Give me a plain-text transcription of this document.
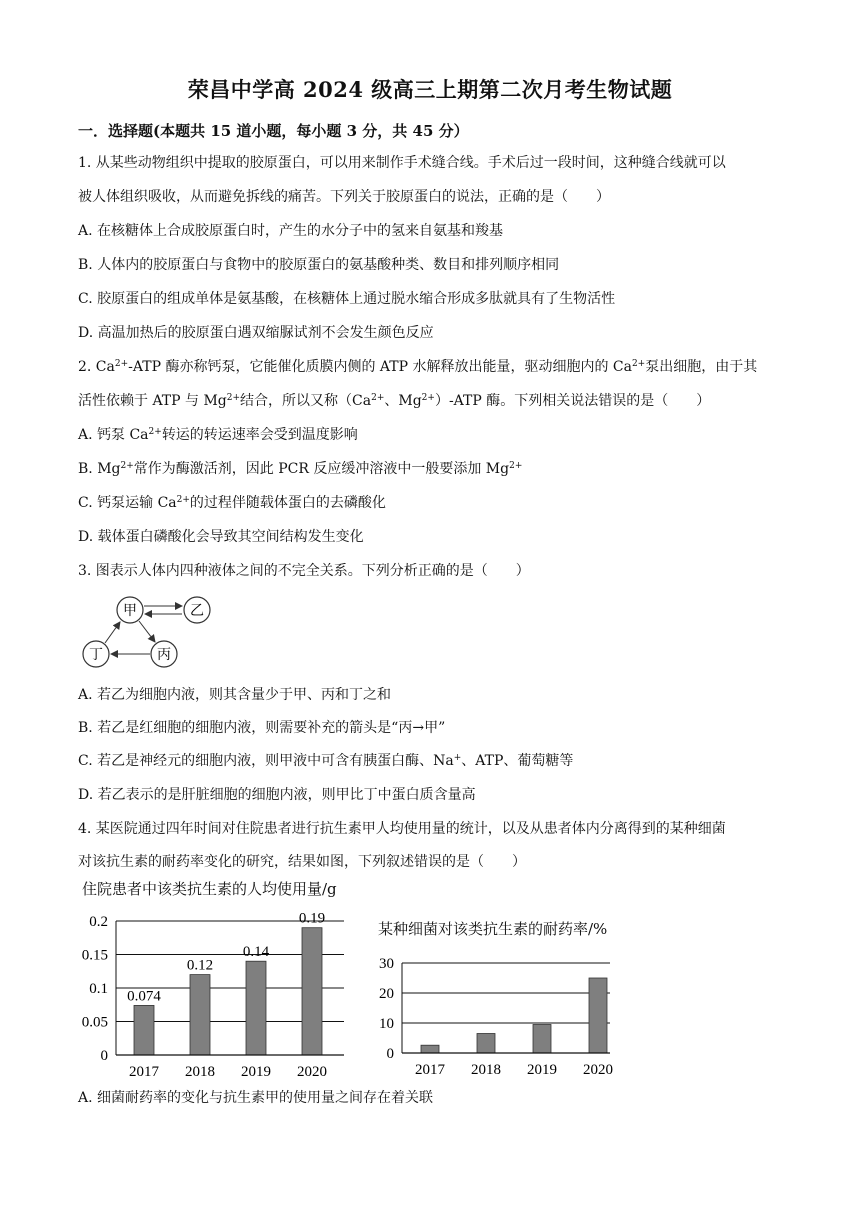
荣昌中学高 2024 级高三上期第二次月考生物试题
一．选择题(本题共 15 道小题，每小题 3 分，共 45 分）
1. 从某些动物组织中提取的胶原蛋白，可以用来制作手术缝合线。手术后过一段时间，这种缝合线就可以
被人体组织吸收，从而避免拆线的痛苦。下列关于胶原蛋白的说法，正确的是（　　）
A. 在核糖体上合成胶原蛋白时，产生的水分子中的氢来自氨基和羧基
B. 人体内的胶原蛋白与食物中的胶原蛋白的氨基酸种类、数目和排列顺序相同
C. 胶原蛋白的组成单体是氨基酸，在核糖体上通过脱水缩合形成多肽就具有了生物活性
D. 高温加热后的胶原蛋白遇双缩脲试剂不会发生颜色反应
2. $Ca^{2+}$-ATP 酶亦称钙泵，它能催化质膜内侧的 ATP 水解释放出能量，驱动细胞内的 $Ca^{2+}$泵出细胞，由于其
活性依赖于 ATP 与 $Mg^{2+}$结合，所以又称（$Ca^{2+}$、$Mg^{2+}$）-ATP 酶。下列相关说法错误的是（　　）
A. 钙泵 $Ca^{2+}$转运的转运速率会受到温度影响
B. $Mg^{2+}$常作为酶激活剂，因此 PCR 反应缓冲溶液中一般要添加 $Mg^{2+}$
C. 钙泵运输 $Ca^{2+}$的过程伴随载体蛋白的去磷酸化
D. 载体蛋白磷酸化会导致其空间结构发生变化
3. 图表示人体内四种液体之间的不完全关系。下列分析正确的是（　　）
甲	乙
丁	丙
A. 若乙为细胞内液，则其含量少于甲、丙和丁之和
B. 若乙是红细胞的细胞内液，则需要补充的箭头是“丙→甲”
C. 若乙是神经元的细胞内液，则甲液中可含有胰蛋白酶、Na+、ATP、葡萄糖等
D. 若乙表示的是肝脏细胞的细胞内液，则甲比丁中蛋白质含量高
4. 某医院通过四年时间对住院患者进行抗生素甲人均使用量的统计，以及从患者体内分离得到的某种细菌
对该抗生素的耐药率变化的研究，结果如图，下列叙述错误的是（　　）
住院患者中该类抗生素的人均使用量/g
0
0.05
0.1
0.15
0.2
2017
0.074
2018
0.12
2019
0.14
2020
0.19
某种细菌对该类抗生素的耐药率/%
0
10
20
30
2017 2018 2019 2020
A. 细菌耐药率的变化与抗生素甲的使用量之间存在着关联
